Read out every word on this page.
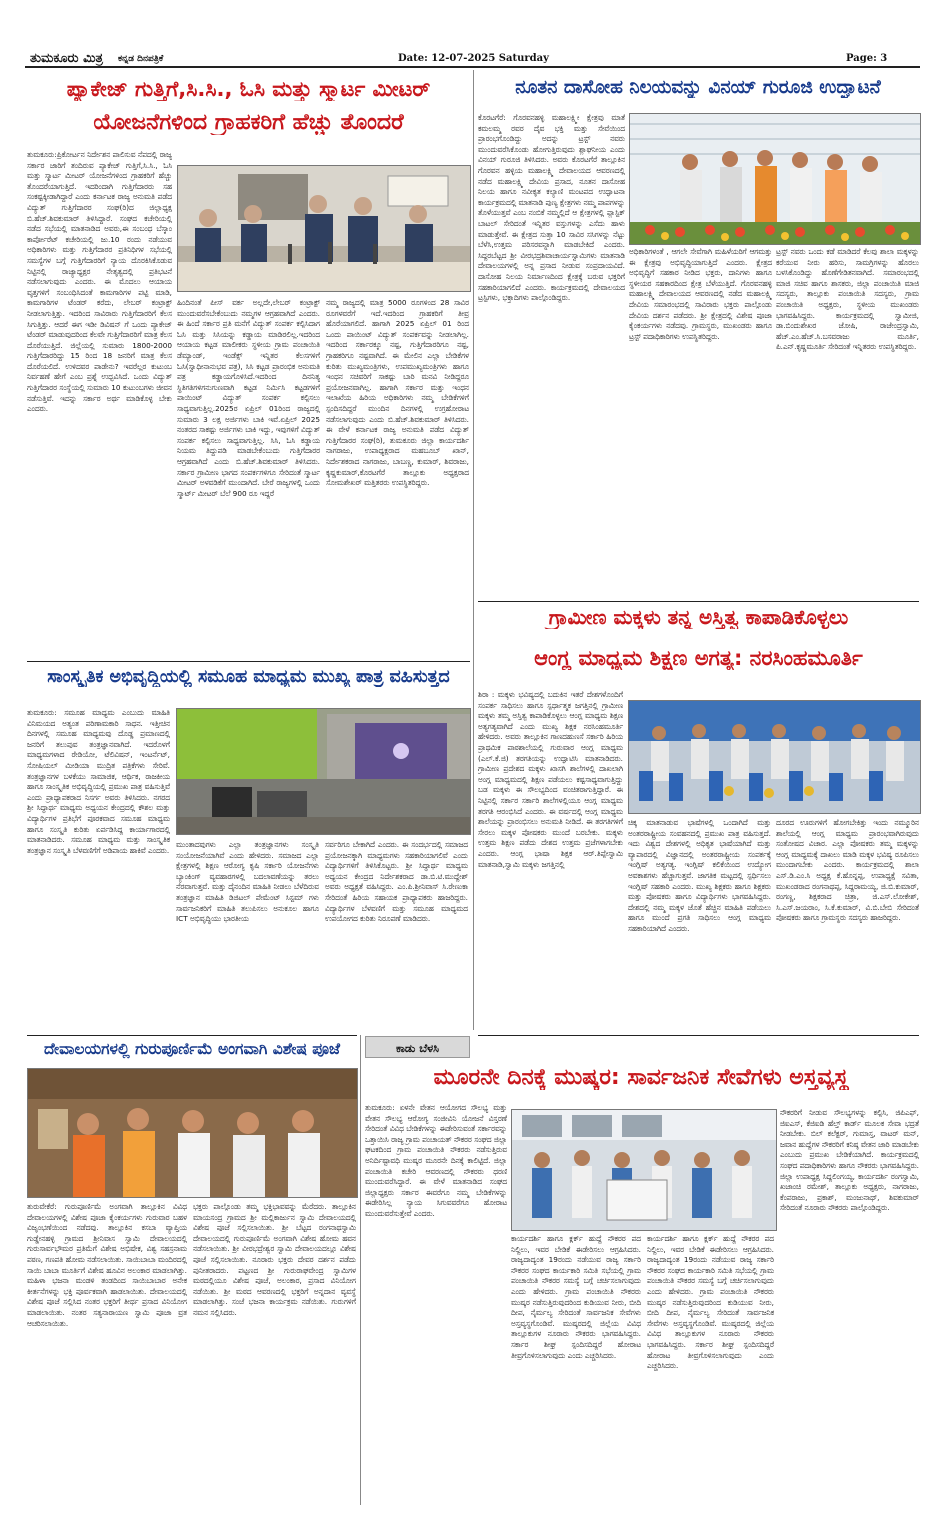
ತುಮಕೂರು ಮಿತ್ರ ಕನ್ನಡ ದಿನಪತ್ರಿಕೆ	Date: 12-07-2025 Saturday	Page: 3
ಪ್ಯಾಕೇಜ್ ಗುತ್ತಿಗೆ,ಸಿ.ಸಿ., ಓಸಿ ಮತ್ತು ಸ್ಮಾರ್ಟ ಮೀಟರ್
ಯೋಜನೆಗಳಿಂದ ಗ್ರಾಹಕರಿಗೆ ಹೆಚ್ಚು ತೊಂದರೆ
ತುಮಕೂರು:ಪ್ರಿಕೋರ್ಟನ ನಿರ್ದೇಶನ ಪಾಲಿಸುವ ನೆಪದಲ್ಲಿ ರಾಜ್ಯ ಸರ್ಕಾರ ಜಾರಿಗೆ ತಂದಿರುವ ಪ್ಯಾಕೇಜ್ ಗುತ್ತಿಗೆ,ಸಿ.ಸಿ., ಓಸಿ ಮತ್ತು ಸ್ಮಾರ್ಟ ಮೀಟರ್ ಯೋಜನೆಗಳಿಂದ ಗ್ರಾಹಕರಿಗೆ ಹೆಚ್ಚು ತೊಂದರೆಯಾಗುತ್ತಿದೆ. ಇದರಿಂದಾಗಿ ಗುತ್ತಿಗೆದಾರರು ಸಹ ಸಂಕಷ್ಟಕ್ಕೀಡಾಗಿದ್ದಾರೆ ಎಂದು ಕರ್ನಾಟಕ ರಾಜ್ಯ ಅನುಮತಿ ಪಡೆದ ವಿದ್ಯುತ್ ಗುತ್ತಿಗೆದಾರರ ಸಂಘ(ರಿ)ದ ಜಿಲ್ಲಾಧ್ಯಕ್ಷ ಬಿ.ಹೆಚ್.ಶಿವಕುಮಾರ್ ತಿಳಿಸಿದ್ದಾರೆ. ಸಂಘದ ಕಚೇರಿಯಲ್ಲಿ ನಡೆದ ಸಭೆಯಲ್ಲಿ ಮಾತನಾಡಿದ ಅವರು,ಈ ಸಂಬಂಧ ಬೆಸ್ಕಾಂ ಕಾರ್ಪೋರೆಟ್ ಕಚೇರಿಯಲ್ಲಿ ಜು.10 ರಂದು ನಡೆಯುವ ಅಧಿಕಾರಿಗಳು ಮತ್ತು ಗುತ್ತಿಗೆದಾರರ ಪ್ರತಿನಿಧಿಗಳ ಸಭೆಯಲ್ಲಿ ಸಮಸ್ಯೆಗಳ ಬಗ್ಗೆ ಗುತ್ತಿಗೆದಾರರಿಗೆ ನ್ಯಾಯ ದೊರಕಿಸಿಕೊಡುವ ನಿಟ್ಟಿನಲ್ಲಿ ರಾಜ್ಯಾಧ್ಯಕ್ಷರ ನೇತೃತ್ವದಲ್ಲಿ ಪ್ರತಿಭಟನೆ ನಡೆಸಲಾಗುವುದು ಎಂದರು. ಈ ಮೊದಲು ಆಯಾಯ ವೃತ್ತಗಳಿಗೆ ಸಂಬಂಧಿಸಿದಂತೆ ಕಾಮಗಾರಿಗಳ ಪಟ್ಟಿ ಮಾಡಿ, ಕಾಮಗಾರಿಗಳ ಟೆಂಡರ್ ಕರೆದು, ಲೇಬರ್ ಕಂಟ್ರಾಕ್ಟ್ ನೀಡಲಾಗುತ್ತಿತ್ತು. ಇದರಿಂದ ಸಾವಿರಾರು ಗುತ್ತಿಗೆದಾರರಿಗೆ ಕೆಲಸ ಸಿಗುತ್ತಿತ್ತು. ಆದರೆ ಈಗ ಇಡೀ ಡಿವಿಷನ್ ಗೆ ಒಂದು ಪ್ಯಾಕೇಜ್ ಟೆಂಡರ್ ಮಾಡುವುದರಿಂದ ಕೆಲವೇ ಗುತ್ತಿಗೆದಾರರಿಗೆ ಮಾತ್ರ ಕೆಲಸ ದೊರೆಯುತ್ತಿದೆ. ಜಿಲ್ಲೆಯಲ್ಲಿ ಸುಮಾರು 1800-2000 ಗುತ್ತಿಗೆದಾರರಿದ್ದು 15 ರಿಂದ 18 ಜನರಿಗೆ ಮಾತ್ರ ಕೆಲಸ ದೊರೆಯಲಿದೆ. ಉಳಿದವರ ಪಾಡೇನು? ಇವರೆಲ್ಲರ ಕುಟುಂಬ ನಿರ್ವಹಣೆ ಹೇಗೆ ಎಂಬ ಪ್ರಶ್ನೆ ಉದ್ಭವಿಸಿದೆ. ಒಂದು ವಿದ್ಯುತ್ ಗುತ್ತಿಗೆದಾರರ ಸಂಸ್ಥೆಯಲ್ಲಿ ಸುಮಾರು 10 ಕುಟುಂಬಗಳು ಜೀವನ ನಡೆಸುತ್ತಿವೆ. ಇದನ್ನು ಸರ್ಕಾರ ಅರ್ಥ ಮಾಡಿಕೊಳ್ಳ ಬೇಕು ಎಂದರು.
ಹಿಂದಿನಂತೆ ಪೀಸ್ ವರ್ಕ ಅಲ್ಲದೇ,ಲೇಬರ್ ಕಂಟ್ರಾಕ್ಟ್ ಮುಂದುವರೆಸಬೇಕೆಂಬುದು ನಮ್ಮಗಳ ಆಗ್ರಹವಾಗಿದೆ ಎಂದರು. ಈ ಹಿಂದೆ ಸರ್ಕಾರ ಪ್ರತಿ ಮನೆಗೆ ವಿದ್ಯುತ್ ಸಂಪರ್ಕ ಕಲ್ಪಿಸಿದಾಗ ಓಸಿ ಮತ್ತು ಸಿಸಿಯನ್ನು ಕಡ್ಡಾಯ ಮಾಡಿರಲಿಲ್ಲ.ಇದರಿಂದ ಆಯಾಯ ಕಟ್ಟಡ ಮಾಲೀಕರು ಸ್ಥಳೀಯ ಗ್ರಾಮ ಪಂಚಾಯಿತಿ ಡೆಮ್ಯಾಂಡ್, ಇಂಡೆಕ್ಸ್ ಇನ್ನಿತರ ಕೆಲಸಗಳಿಗೆ ಓಸಿ(ಸ್ವಾಧೀನಾನುಭವ ಪತ್ರ), ಸಿಸಿ ಕಟ್ಟಡ ಪ್ರಾರಂಭಿಕ ಅನುಮತಿ ಪತ್ರ ಕಡ್ಡಾಯಗೊಳಿಸಿದೆ.ಇದರಿಂದ ದಿನನಿತ್ಯ ಸ್ಥಿತಿಗತಿಗಳಿಗನುಗುಣವಾಗಿ ಕಟ್ಟಡ ನಿರ್ಮಿಸಿ ಕಟ್ಟಡಗಳಿಗೆ ಪಾಯಿಂಟ್ ವಿದ್ಯುತ್ ಸಂಪರ್ಕ ಕಲ್ಪಿಸಲು ಸಾಧ್ಯವಾಗುತ್ತಿಲ್ಲ.2025ರ ಏಪ್ರಿಲ್ 01ರಿಂದ ರಾಜ್ಯದಲ್ಲಿ ಸುಮಾರು 3 ಲಕ್ಷ ಅರ್ಜಿಗಳು ಬಾಕಿ ಇವೆ.ಏಪ್ರಿಲ್ 2025 ನಂತರದ ಸಾಕಷ್ಟು ಅರ್ಜಿಗಳು ಬಾಕಿ ಇದ್ದು, ಇವುಗಳಿಗೆ ವಿದ್ಯುತ್ ಸಂಪರ್ಕ ಕಲ್ಪಿಸಲು ಸಾಧ್ಯವಾಗುತ್ತಿಲ್ಲ. ಸಿಸಿ, ಓಸಿ ಕಡ್ಡಾಯ ನಿಯಮ ತಿದ್ದುಪಡಿ ಮಾಡಬೇಕೆಂಬುದು ಗುತ್ತಿಗೆದಾರರ ಆಗ್ರಹವಾಗಿದೆ ಎಂದು ಬಿ.ಹೆಚ್.ಶಿವಕುಮಾರ್ ತಿಳಿಸಿದರು. ಸರ್ಕಾರ ಗ್ರಾಮೀಣ ಭಾಗದ ಸಂಪರ್ಕಗಳಿಗೂ ಸೇರಿದಂತೆ ಸ್ಮಾರ್ಟ ಮೀಟರ್ ಅಳವಡಿಕೆಗೆ ಮುಂದಾಗಿದೆ. ಬೇರೆ ರಾಜ್ಯಗಳಲ್ಲಿ ಒಂದು ಸ್ಮಾರ್ಟ್ ಮೀಟರ್ ಬೆಲೆ 900 ರೂ ಇದ್ದರೆ
ನಮ್ಮ ರಾಜ್ಯದಲ್ಲಿ ಮಾತ್ರ 5000 ರೂಗಳಿಂದ 28 ಸಾವಿರ ರೂಗಳವರೆಗೆ ಇದೆ.ಇದರಿಂದ ಗ್ರಾಹಕರಿಗೆ ತೀವ್ರ ಹೊರೆಯಾಗಲಿದೆ. ಹಾಗಾಗಿ 2025 ಏಪ್ರಿಲ್ 01 ರಿಂದ ಒಂದು ಪಾಯಿಂಟ್ ವಿದ್ಯುತ್ ಸಂಪರ್ಕವನ್ನು ನೀಡಲಾಗಿಲ್ಲ. ಇದರಿಂದ ಸರ್ಕಾರಕ್ಕೂ ನಷ್ಟ, ಗುತ್ತಿಗೆದಾರರಿಗೂ ನಷ್ಟ, ಗ್ರಾಹಕರಿಗೂ ನಷ್ಟವಾಗಿದೆ. ಈ ಮೇಲಿನ ಎಲ್ಲಾ ಬೇಡಿಕೆಗಳ ಕುರಿತು ಮುಖ್ಯಮಂತ್ರಿಗಳು, ಉಪಮುಖ್ಯಮಂತ್ರಿಗಳು ಹಾಗೂ ಇಂಧನ ಸಚಿವರಿಗೆ ಸಾಕಷ್ಟು ಬಾರಿ ಮನವಿ ನೀಡಿದ್ದರೂ ಪ್ರಯೋಜನವಾಗಿಲ್ಲ. ಹಾಗಾಗಿ ಸರ್ಕಾರ ಮತ್ತು ಇಂಧನ ಇಲಾಖೆಯ ಹಿರಿಯ ಅಧಿಕಾರಿಗಳು ನಮ್ಮ ಬೇಡಿಕೆಗಳಿಗೆ ಸ್ಪಂದಿಸದಿದ್ದರೆ ಮುಂದಿನ ದಿನಗಳಲ್ಲಿ ಉಗ್ರಹೋರಾಟ ನಡೆಸಲಾಗುವುದು ಎಂದು ಬಿ.ಹೆಚ್.ಶಿವಕುಮಾರ್ ತಿಳಿಸಿದರು. ಈ ವೇಳೆ ಕರ್ನಾಟಕ ರಾಜ್ಯ ಅನುಮತಿ ಪಡೆದ ವಿದ್ಯುತ್ ಗುತ್ತಿಗೆದಾರರ ಸಂಘ(ರಿ), ತುಮಕೂರು ಜಿಲ್ಲಾ ಕಾರ್ಯದರ್ಶಿ ನಾಗರಾಜು, ಉಪಾಧ್ಯಕ್ಷರಾದ ಮಹಬೂಬ್ ಖಾನ್, ನಿರ್ದೇಶಕರಾದ ನಾಗರಾಜು, ಬಾಬಣ್ಣ, ಕುಮಾರ್, ಶಿವರಾಜು, ಕೃಷ್ಣಕುಮಾರ್,ಕೊರಟಗೆರೆ ತಾಲ್ಲೂಕು ಅಧ್ಯಕ್ಷರಾದ ಸೋಮಶೇಖರ್ ಮತ್ತಿತರರು ಉಪಸ್ಥಿತರಿದ್ದರು.
ನೂತನ ದಾಸೋಹ ನಿಲಯವನ್ನು ವಿನಯ್ ಗುರೂಜಿ ಉದ್ಘಾಟನೆ
ಕೊರಟಗೆರೆ: ಗೊರವನಹಳ್ಳಿ ಮಹಾಲಕ್ಷ್ಮೀ ಕ್ಷೇತ್ರವು ಮಾತೆ ಕಮಲಮ್ಮ ರವರ ದೈವ ಭಕ್ತಿ ಮತ್ತು ಸೇವೆಯಿಂದ ಪ್ರಾರಂಭಗೊಂಡಿದ್ದು ಅದನ್ನು ಟ್ರಸ್ಟ್ ನವರು ಮುಂದುವರೆಸಿಕೊಂಡು ಹೋಗುತ್ತಿರುವುದು ಶ್ಲಾಘನೀಯ ಎಂದು ವಿನಯ್ ಗುರೂಜಿ ತಿಳಿಸಿದರು. ಅವರು ಕೊರಟಗೆರೆ ತಾಲ್ಲೂಕಿನ ಗೊರವನ ಹಳ್ಳಿಯ ಮಹಾಲಕ್ಷ್ಮಿ ದೇವಾಲಯದ ಆವರಣದಲ್ಲಿ ನಡೆದ ಮಹಾಲಕ್ಷ್ಮಿ ದೇವಿಯ ಪ್ರಸಾದ, ನೂತನ ದಾಸೋಹ ನಿಲಯ ಹಾಗೂ ನವೀಕೃತ ಕಲ್ಯಾಣಿ ಮಂಟಪದ ಉದ್ಘಾಟನಾ ಕಾರ್ಯಕ್ರಮದಲ್ಲಿ ಮಾತನಾಡಿ ಪುಣ್ಯ ಕ್ಷೇತ್ರಗಳು ನಮ್ಮ ಪಾಪಗಳನ್ನು ತೊಳೆಯುತ್ತವೆ ಎಂಬ ನಂಬಿಕೆ ನಮ್ಮಲ್ಲಿದೆ ಆ ಕ್ಷೇತ್ರಗಳಲ್ಲಿ ಪ್ಲಾಸ್ಟಿಕ್ ಬಾಟಲ್ ಸೇರಿದಂತೆ ಇನ್ನಿತರ ವಸ್ತುಗಳನ್ನು ಎಸೆದು ಹಾಳು ಮಾಡುತ್ತೇವೆ. ಈ ಕ್ಷೇತ್ರದ ಸುತ್ತಾ 10 ಸಾವಿರ ಸಸಿಗಳನ್ನು ನೆಟ್ಟು ಬೆಳೆಸಿ,ಉತ್ತಮ ಪರಿಸರವನ್ನಾಗಿ ಮಾಡಬೇಕಿದೆ ಎಂದರು. ಸಿದ್ದರಬೆಟ್ಟದ ಶ್ರೀ ವೀರಭದ್ರಶಿವಾಚಾರ್ಯಸ್ವಾಮಿಗಳು ಮಾತನಾಡಿ ದೇವಾಲಯಗಳಲ್ಲಿ ಅನ್ನ ಪ್ರಸಾದ ನೀಡುವ ಸಂಪ್ರದಾಯವಿದೆ. ದಾಸೋಹ ನಿಲಯ ನಿರ್ಮಾಣದಿಂದ ಕ್ಷೇತ್ರಕ್ಕೆ ಬರುವ ಭಕ್ತರಿಗೆ ಸಹಕಾರಿಯಾಗಲಿದೆ ಎಂದರು. ಕಾರ್ಯಕ್ರಮದಲ್ಲಿ ದೇವಾಲಯದ ಟ್ರಸ್ಟಿಗಳು, ಭಕ್ತಾದಿಗಳು ಪಾಲ್ಗೊಂಡಿದ್ದರು.
ಅಧಿಕಾರಿಗಳಂತೆ , ಆಗಲೇ ಸೇವೆಗಾಗಿ ಮಹಿಳೆಯರಿಗೆ ಆಗಮತ್ತು ಈ ಕ್ಷೇತ್ರವು ಅಭಿವೃದ್ಧಿಯಾಗುತ್ತಿದೆ ಎಂದರು. ಕ್ಷೇತ್ರದ ಅಭಿವೃದ್ಧಿಗೆ ಸಹಕಾರ ನೀಡಿದ ಭಕ್ತರು, ದಾನಿಗಳು ಹಾಗೂ ಸ್ಥಳೀಯರ ಸಹಕಾರದಿಂದ ಕ್ಷೇತ್ರ ಬೆಳೆಯುತ್ತಿದೆ. ಗೊರವನಹಳ್ಳಿ ಮಹಾಲಕ್ಷ್ಮಿ ದೇವಾಲಯದ ಆವರಣದಲ್ಲಿ ನಡೆದ ಮಹಾಲಕ್ಷ್ಮಿ ದೇವಿಯ ಸಮಾರಂಭದಲ್ಲಿ ಸಾವಿರಾರು ಭಕ್ತರು ಪಾಲ್ಗೊಂಡು ದೇವಿಯ ದರ್ಶನ ಪಡೆದರು. ಶ್ರೀ ಕ್ಷೇತ್ರದಲ್ಲಿ ವಿಶೇಷ ಪೂಜಾ ಕೈಂಕರ್ಯಗಳು ನಡೆದವು. ಗ್ರಾಮಸ್ಥರು, ಮುಖಂಡರು ಹಾಗೂ ಟ್ರಸ್ಟ್ ಪದಾಧಿಕಾರಿಗಳು ಉಪಸ್ಥಿತರಿದ್ದರು.
ಟ್ರಸ್ಟ್ ನವರು ಒಂದು ಕಡೆ ಮಾಡಿದರೆ ಕೆಲವು ಶಾಲಾ ಮಕ್ಕಳನ್ನು ಕರೆಯುವ ನೀರು ಹರಿಸು, ಸಾಮಗ್ರಿಗಳನ್ನು ಹೊರಲು ಬಳಸಿಕೊಂಡಿದ್ದು ಹೊಣೆಗೇಡಿತನವಾಗಿದೆ. ಸಮಾರಂಭದಲ್ಲಿ ಮಾಜಿ ಸಚಿವ ಹಾಗೂ ಶಾಸಕರು, ಜಿಲ್ಲಾ ಪಂಚಾಯಿತಿ ಮಾಜಿ ಸದಸ್ಯರು, ತಾಲ್ಲೂಕು ಪಂಚಾಯಿತಿ ಸದಸ್ಯರು, ಗ್ರಾಮ ಪಂಚಾಯಿತಿ ಅಧ್ಯಕ್ಷರು, ಸ್ಥಳೀಯ ಮುಖಂಡರು ಭಾಗವಹಿಸಿದ್ದರು. ಕಾರ್ಯಕ್ರಮದಲ್ಲಿ ಸ್ವಾಮೀಜಿ, ಡಾ.ಬಿಂದುಶೇಖರ ಜೋಷಿ, ರಾಜೇಂದ್ರಸ್ವಾಮಿ, ಹೆಚ್.ಎಂ.ಹೆಚ್.ಸಿ.ಬಸವರಾಜು ಮೂರ್ತಿ, ಪಿ.ಎನ್.ಕೃಷ್ಣಮೂರ್ತಿ ಸೇರಿದಂತೆ ಇನ್ನಿತರರು ಉಪಸ್ಥಿತರಿದ್ದರು.
ಗ್ರಾಮೀಣ ಮಕ್ಕಳು ತನ್ನ ಅಸ್ತಿತ್ವ ಕಾಪಾಡಿಕೊಳ್ಳಲು
ಆಂಗ್ಲ ಮಾಧ್ಯಮ ಶಿಕ್ಷಣ ಅಗತ್ಯ: ನರಸಿಂಹಮೂರ್ತಿ
ಸಾಂಸ್ಕೃತಿಕ ಅಭಿವೃದ್ಧಿಯಲ್ಲಿ ಸಮೂಹ ಮಾಧ್ಯಮ ಮುಖ್ಯ ಪಾತ್ರ ವಹಿಸುತ್ತದ
ತುಮಕೂರು: ಸಮೂಹ ಮಾಧ್ಯಮ ಎಂಬುದು ಮಾಹಿತಿ ವಿನಿಮಯದ ಅತ್ಯಂತ ಪರಿಣಾಮಕಾರಿ ಸಾಧನ. ಇತ್ತೀಚಿನ ದಿನಗಳಲ್ಲಿ ಸಮೂಹ ಮಾಧ್ಯಮವು ದೊಡ್ಡ ಪ್ರಮಾಣದಲ್ಲಿ ಜನರಿಗೆ ತಲುಪುವ ತಂತ್ರಜ್ಞಾನವಾಗಿದೆ. ಇದರೊಳಗೆ ಮಾಧ್ಯಮಗಳಾದ ರೇಡಿಯೋ, ಟೆಲಿವಿಷನ್, ಇಂಟರ್ನೆಟ್, ಸೋಷಿಯಲ್ ಮೀಡಿಯಾ ಮುದ್ರಿತ ಪತ್ರಿಕೆಗಳು ಸೇರಿವೆ. ತಂತ್ರಜ್ಞಾನಗಳ ಬಳಕೆಯು ಸಾಮಾಜಿಕ, ಆರ್ಥಿಕ, ರಾಜಕೀಯ ಹಾಗೂ ಸಾಂಸ್ಕೃತಿಕ ಅಭಿವೃದ್ಧಿಯಲ್ಲಿ ಪ್ರಮುಖ ಪಾತ್ರ ವಹಿಸುತ್ತಿವೆ ಎಂದು ಪ್ರಾಧ್ಯಾಪಕರಾದ ನಿಸರ್ಗ ಅವರು ತಿಳಿಸಿದರು. ನಗರದ ಶ್ರೀ ಸಿದ್ಧಾರ್ಥ ಮಾಧ್ಯಮ ಅಧ್ಯಯನ ಕೇಂದ್ರದಲ್ಲಿ ಕೌಶಲ ಮತ್ತು ವಿದ್ಯಾರ್ಥಿಗಳ ಪ್ರತಿಭೆಗೆ ಪೂರಕವಾದ ಸಮೂಹ ಮಾಧ್ಯಮ ಹಾಗೂ ಸಂಸ್ಕೃತಿ ಕುರಿತು ಏರ್ಪಡಿಸಿದ್ದ ಕಾರ್ಯಾಗಾರದಲ್ಲಿ ಮಾತನಾಡಿದರು. ಸಮೂಹ ಮಾಧ್ಯಮ ಮತ್ತು ಸಾಂಸ್ಕೃತಿಕ ತಂತ್ರಜ್ಞಾನ ಸಂಸ್ಕೃತಿ ಬೆಳವಣಿಗೆಗೆ ಅಡಿಪಾಯ ಹಾಕಿವೆ ಎಂದರು.
ಮುಂತಾದವುಗಳು ಎಲ್ಲಾ ತಂತ್ರಜ್ಞಾನಗಳು ಸಂಸ್ಕೃತಿ ಸಂಯೋಜನೆಯಾಗಿವೆ ಎಂದು ಹೇಳಿದರು. ಸಮಾಜದ ಎಲ್ಲಾ ಕ್ಷೇತ್ರಗಳಲ್ಲಿ ಶಿಕ್ಷಣ ಆರೋಗ್ಯ ಕೃಷಿ ಸರ್ಕಾರಿ ಯೋಜನೆಗಳು ಬ್ಯಾಂಕಿಂಗ್ ವ್ಯವಹಾರಗಳಲ್ಲಿ ಬದಲಾವಣೆಯನ್ನು ತರಲು ನೆರವಾಗುತ್ತವೆ. ಮತ್ತು ದೈನಂದಿನ ಮಾಹಿತಿ ನೀಡಲು ಬೆಳೆದಿರುವ ತಂತ್ರಜ್ಞಾನ ಮಾಹಿತಿ ಡಿಜಿಟಲ್ ಪೇಮೆಂಟ್ ಸಿಸ್ಟಮ್ ಗಳು ಸಾರ್ವಜನಿಕರಿಗೆ ಮಾಹಿತಿ ತಲುಪಿಸಲು ಅನುಕೂಲ ಹಾಗೂ ICT ಅಭಿವೃದ್ಧಿಯು ಭಾರತೀಯ
ಸರ್ವರಿಗೂ ಬೇಕಾಗಿದೆ ಎಂದರು. ಈ ಸಂದರ್ಭದಲ್ಲಿ ಸಮಾಜದ ಪ್ರಯೋಜನಕ್ಕಾಗಿ ಮಾಧ್ಯಮಗಳು ಸಹಕಾರಿಯಾಗಲಿವೆ ಎಂದು ವಿದ್ಯಾರ್ಥಿಗಳಿಗೆ ತಿಳಿಸಿಕೊಟ್ಟರು. ಶ್ರೀ ಸಿದ್ಧಾರ್ಥ ಮಾಧ್ಯಮ ಅಧ್ಯಯನ ಕೇಂದ್ರದ ನಿರ್ದೇಶಕರಾದ ಡಾ.ಬಿ.ಟಿ.ಮುದ್ದೇಶ್ ಅವರು ಅಧ್ಯಕ್ಷತೆ ವಹಿಸಿದ್ದರು. ಎಂ.ಪಿ.ಶ್ರೀನಿವಾಸ್ ಸಿ.ರೇಣುಕಾ ಸೇರಿದಂತೆ ಹಿರಿಯ ಸಹಾಯಕ ಪ್ರಾಧ್ಯಾಪಕರು ಹಾಜರಿದ್ದರು. ವಿದ್ಯಾರ್ಥಿಗಳ ಬೆಳವಣಿಗೆ ಮತ್ತು ಸಮೂಹ ಮಾಧ್ಯಮದ ಉಪಯೋಗದ ಕುರಿತು ನಿರೂಪಣೆ ಮಾಡಿದರು.
ಶಿರಾ : ಮಕ್ಕಳು ಭವಿಷ್ಯದಲ್ಲಿ ಬದುಕಿನ ಇತರೆ ದೇಶಗಳೊಂದಿಗೆ ಸಂಪರ್ಕ ಸಾಧಿಸಲು ಹಾಗೂ ಸ್ಪರ್ಧಾತ್ಮಕ ಜಗತ್ತಿನಲ್ಲಿ ಗ್ರಾಮೀಣ ಮಕ್ಕಳು ತಮ್ಮ ಅಸ್ತಿತ್ವ ಕಾಪಾಡಿಕೊಳ್ಳಲು ಆಂಗ್ಲ ಮಾಧ್ಯಮ ಶಿಕ್ಷಣ ಅತ್ಯಗತ್ಯವಾಗಿದೆ ಎಂದು ಮುಖ್ಯ ಶಿಕ್ಷಕ ನರಸಿಂಹಮೂರ್ತಿ ಹೇಳಿದರು. ಅವರು ತಾಲ್ಲೂಕಿನ ಗಾಣದಹುಣಸೆ ಸರ್ಕಾರಿ ಹಿರಿಯ ಪ್ರಾಥಮಿಕ ಪಾಠಶಾಲೆಯಲ್ಲಿ ಗುರುವಾರ ಆಂಗ್ಲ ಮಾಧ್ಯಮ (ಎಲ್.ಕೆ.ಜಿ) ತರಗತಿಯನ್ನು ಉದ್ಘಾಟಿಸಿ ಮಾತನಾಡಿದರು. ಗ್ರಾಮೀಣ ಪ್ರದೇಶದ ಮಕ್ಕಳು ಖಾಸಗಿ ಶಾಲೆಗಳಲ್ಲಿ ದಾಖಲಾಗಿ ಅಂಗ್ಲ ಮಾಧ್ಯಮದಲ್ಲಿ ಶಿಕ್ಷಣ ಪಡೆಯಲು ಕಷ್ಟಸಾಧ್ಯವಾಗುತ್ತಿದ್ದು ಬಡ ಮಕ್ಕಳು ಈ ಸೌಲಭ್ಯದಿಂದ ವಂಚಿತರಾಗುತ್ತಿದ್ದಾರೆ. ಈ ನಿಟ್ಟಿನಲ್ಲಿ ಸರ್ಕಾರ ಸರ್ಕಾರಿ ಶಾಲೆಗಳಲ್ಲಿಯೂ ಆಂಗ್ಲ ಮಾಧ್ಯಮ ತರಗತಿ ಆರಂಭಿಸಿದೆ ಎಂದರು. ಈ ವರ್ಷದಲ್ಲಿ ಆಂಗ್ಲ ಮಾಧ್ಯಮ ಶಾಲೆಯನ್ನು ಪ್ರಾರಂಭಿಸಲು ಅನುಮತಿ ನೀಡಿದೆ. ಈ ತರಗತಿಗಳಿಗೆ ಸೇರಲು ಮಕ್ಕಳ ಪೋಷಕರು ಮುಂದೆ ಬರಬೇಕು. ಮಕ್ಕಳು ಉತ್ತಮ ಶಿಕ್ಷಣ ಪಡೆದು ದೇಶದ ಉತ್ತಮ ಪ್ರಜೆಗಳಾಗಬೇಕು ಎಂದರು. ಆಂಗ್ಲ ಭಾಷಾ ಶಿಕ್ಷಕ ಆರ್.ತಿಪ್ಪೇಸ್ವಾಮಿ ಮಾತನಾಡಿ,ಸ್ವಾಮಿ ಮಕ್ಕಳು ಜಗತ್ತಿನಲ್ಲಿ
ಚಿಕ್ಕ ಮಾತನಾಡುವ ಭಾಷೆಗಳಲ್ಲಿ ಒಂದಾಗಿದೆ ಮತ್ತು ಅಂತರರಾಷ್ಟ್ರೀಯ ಸಂವಹನದಲ್ಲಿ ಪ್ರಮುಖ ಪಾತ್ರ ವಹಿಸುತ್ತದೆ. ಇದು ವಿಶ್ವದ ದೇಶಗಳಲ್ಲಿ ಅಧಿಕೃತ ಭಾಷೆಯಾಗಿದೆ ಮತ್ತು ವ್ಯಾಪಾರದಲ್ಲಿ ವಿಜ್ಞಾನದಲ್ಲಿ ಅಂತರರಾಷ್ಟ್ರೀಯ ಸಂಪರ್ಕಕ್ಕೆ ಇಂಗ್ಲಿಷ್ ಅತ್ಯಗತ್ಯ. ಇಂಗ್ಲಿಷ್ ಕಲಿಕೆಯಿಂದ ಉದ್ಯೋಗ ಅವಕಾಶಗಳು ಹೆಚ್ಚಾಗುತ್ತವೆ. ಜಾಗತಿಕ ಮಟ್ಟದಲ್ಲಿ ಸ್ಪರ್ಧಿಸಲು ಇಂಗ್ಲಿಷ್ ಸಹಕಾರಿ ಎಂದರು. ಮುಖ್ಯ ಶಿಕ್ಷಕರು ಹಾಗೂ ಶಿಕ್ಷಕರು ಮತ್ತು ಪೋಷಕರು ಹಾಗೂ ವಿದ್ಯಾರ್ಥಿಗಳು ಭಾಗವಹಿಸಿದ್ದರು. ದೇಶದಲ್ಲಿ ನಮ್ಮ ಮಕ್ಕಳ ಜೊತೆ ಹೆಚ್ಚಿನ ಮಾಹಿತಿ ಪಡೆಯಲು ಹಾಗೂ ಮುಂದೆ ಪ್ರಗತಿ ಸಾಧಿಸಲು ಆಂಗ್ಲ ಮಾಧ್ಯಮ ಸಹಕಾರಿಯಾಗಿದೆ ಎಂದರು.
ದೂರದ ಊರುಗಳಿಗೆ ಹೋಗಬೇಕಿತ್ತು ಇಂದು ನಮ್ಮೂರಿನ ಶಾಲೆಯಲ್ಲಿ ಆಂಗ್ಲ ಮಾಧ್ಯಮ ಪ್ರಾರಂಭವಾಗಿರುವುದು ಸಂತೋಷದ ವಿಚಾರ. ಎಲ್ಲಾ ಪೋಷಕರು ತಮ್ಮ ಮಕ್ಕಳನ್ನು ಆಂಗ್ಲ ಮಾಧ್ಯಮಕ್ಕೆ ದಾಖಲು ಮಾಡಿ ಮಕ್ಕಳ ಭವಿಷ್ಯ ರೂಪಿಸಲು ಮುಂದಾಗಬೇಕು ಎಂದರು. ಕಾರ್ಯಕ್ರಮದಲ್ಲಿ ಶಾಲಾ ಎಸ್.ಡಿ.ಎಂ.ಸಿ ಅಧ್ಯಕ್ಷ ಕೆ.ಹೊನ್ನಪ್ಪ, ಉಪಾಧ್ಯಕ್ಷೆ ಸವಿತಾ, ಮುಖಂಡರಾದ ರಂಗನಾಥಪ್ಪ, ಸಿದ್ದರಾಮಯ್ಯ, ಜಿ.ಬಿ.ಕುಮಾರ್, ರಂಗಣ್ಣ, ಶಿಕ್ಷಕರಾದ ಚಿತ್ರಾ, ಜಿ.ಎಸ್.ಲೋಕೇಶ್, ಸಿ.ಎಸ್.ಜಯರಾಂ, ಸಿ.ಕೆ.ಕುಮಾರ್, ವಿ.ಬಿ.ಬೇಬಿ ಸೇರಿದಂತೆ ಪೋಷಕರು ಹಾಗೂ ಗ್ರಾಮಸ್ಥರು ಸದಸ್ಯರು ಹಾಜರಿದ್ದರು.
ದೇವಾಲಯಗಳಲ್ಲಿ ಗುರುಪೂರ್ಣಿಮೆ ಅಂಗವಾಗಿ ವಿಶೇಷ ಪೂಜೆ
ತುರುವೇಕೆರೆ: ಗುರುಪೂರ್ಣಿಮೆ ಅಂಗವಾಗಿ ತಾಲ್ಲೂಕಿನ ವಿವಿಧ ದೇವಾಲಯಗಳಲ್ಲಿ ವಿಶೇಷ ಪೂಜಾ ಕೈಂಕರ್ಯಗಳು ಗುರುವಾರ ಬಹಳ ವಿಜೃಂಭಣೆಯಿಂದ ನಡೆದವು. ತಾಲ್ಲೂಕಿನ ಕಸಬಾ ವ್ಯಾಪ್ತಿಯ ಗುಡ್ಡೇನಹಳ್ಳಿ ಗ್ರಾಮದ ಶ್ರೀನಿವಾಸ ಸ್ವಾಮಿ ದೇವಾಲಯದಲ್ಲಿ ಗುರುಸಾರ್ವಭೌಮರ ಪ್ರತಿಮೆಗೆ ವಿಶೇಷ ಅಭಿಷೇಕ, ವಿಶ್ವ ಸಹಸ್ರನಾಮ ಪಠಣ, ಗಣಪತಿ ಹೋಮ ನಡೆಸಲಾಯಿತು. ಸಾಯಿಬಾಬಾ ಮಂದಿರದಲ್ಲಿ ಸಾಯಿ ಬಾಬಾ ಮೂರ್ತಿಗೆ ವಿಶೇಷ ಹೂವಿನ ಅಲಂಕಾರ ಮಾಡಲಾಗಿತ್ತು. ಮಹಿಳಾ ಭಜನಾ ಮಂಡಳಿ ತಂಡದಿಂದ ಸಾಯಿಬಾಬಾರ ಅನೇಕ ಕೀರ್ತನೆಗಳನ್ನು ಭಕ್ತಿ ಪೂರ್ವಕವಾಗಿ ಹಾಡಲಾಯಿತು. ದೇವಾಲಯದಲ್ಲಿ ವಿಶೇಷ ಪೂಜೆ ಸಲ್ಲಿಸಿದ ನಂತರ ಭಕ್ತರಿಗೆ ತೀರ್ಥ ಪ್ರಸಾದ ವಿನಿಯೋಗ ಮಾಡಲಾಯಿತು. ನಂತರ ಸತ್ಯನಾರಾಯಣ ಸ್ವಾಮಿ ಪೂಜಾ ವ್ರತ ಆಚರಿಸಲಾಯಿತು.
ಭಕ್ತರು ಪಾಲ್ಗೊಂಡು ತಮ್ಮ ಭಕ್ತಿಭಾವವನ್ನು ಮೆರೆದರು. ತಾಲ್ಲೂಕಿನ ಮಾಯಸಂದ್ರ ಗ್ರಾಮದ ಶ್ರೀ ಮಲ್ಲಿಕಾರ್ಜುನ ಸ್ವಾಮಿ ದೇವಾಲಯದಲ್ಲಿ ವಿಶೇಷ ಪೂಜೆ ಸಲ್ಲಿಸಲಾಯಿತು. ಶ್ರೀ ಬೆಟ್ಟದ ರಂಗನಾಥಸ್ವಾಮಿ ದೇವಾಲಯದಲ್ಲಿ ಗುರುಪೂರ್ಣಿಮೆ ಅಂಗವಾಗಿ ವಿಶೇಷ ಹೋಮ ಹವನ ನಡೆಸಲಾಯಿತು. ಶ್ರೀ ವೀರಭದ್ರೇಶ್ವರ ಸ್ವಾಮಿ ದೇವಾಲಯದಲ್ಲೂ ವಿಶೇಷ ಪೂಜೆ ಸಲ್ಲಿಸಲಾಯಿತು. ನೂರಾರು ಭಕ್ತರು ದೇವರ ದರ್ಶನ ಪಡೆದು ಪುನೀತರಾದರು. ಪಟ್ಟಣದ ಶ್ರೀ ಗುರುರಾಘವೇಂದ್ರ ಸ್ವಾಮಿಗಳ ಮಠದಲ್ಲಿಯೂ ವಿಶೇಷ ಪೂಜೆ, ಅಲಂಕಾರ, ಪ್ರಸಾದ ವಿನಿಯೋಗ ನಡೆಯಿತು. ಶ್ರೀ ಮಠದ ಆವರಣದಲ್ಲಿ ಭಕ್ತರಿಗೆ ಅನ್ನದಾನ ವ್ಯವಸ್ಥೆ ಮಾಡಲಾಗಿತ್ತು. ಸಂಜೆ ಭಜನಾ ಕಾರ್ಯಕ್ರಮ ನಡೆಯಿತು. ಗುರುಗಳಿಗೆ ನಮನ ಸಲ್ಲಿಸಿದರು.
ಕಾಡು ಬೆಳಸಿ
ಮೂರನೇ ದಿನಕ್ಕೆ ಮುಷ್ಕರ: ಸಾರ್ವಜನಿಕ ಸೇವೆಗಳು ಅಸ್ತವ್ಯಸ್ಥ
ತುಮಕೂರು: ಏಳನೇ ವೇತನ ಆಯೋಗದ ಸೌಲಭ್ಯ ಮತ್ತು ವೇತನ ಸೌಲಭ್ಯ ಆರೋಗ್ಯ ಸಂಜೀವಿನಿ ಯೋಜನೆ ವಿಸ್ತರಣೆ ಸೇರಿದಂತೆ ವಿವಿಧ ಬೇಡಿಕೆಗಳನ್ನು ಈಡೇರಿಸುವಂತೆ ಸರ್ಕಾರವನ್ನು ಒತ್ತಾಯಿಸಿ ರಾಜ್ಯ ಗ್ರಾಮ ಪಂಚಾಯತ್ ನೌಕರರ ಸಂಘದ ಜಿಲ್ಲಾ ಘಟಕದಿಂದ ಗ್ರಾಮ ಪಂಚಾಯಿತಿ ನೌಕರರು ನಡೆಸುತ್ತಿರುವ ಅನಿರ್ದಿಷ್ಟಾವಧಿ ಮುಷ್ಕರ ಮೂರನೇ ದಿನಕ್ಕೆ ಕಾಲಿಟ್ಟಿದೆ. ಜಿಲ್ಲಾ ಪಂಚಾಯಿತಿ ಕಚೇರಿ ಆವರಣದಲ್ಲಿ ನೌಕರರು ಧರಣಿ ಮುಂದುವರೆಸಿದ್ದಾರೆ. ಈ ವೇಳೆ ಮಾತನಾಡಿದ ಸಂಘದ ಜಿಲ್ಲಾಧ್ಯಕ್ಷರು ಸರ್ಕಾರ ಈವರೆಗೂ ನಮ್ಮ ಬೇಡಿಕೆಗಳನ್ನು ಈಡೇರಿಸಿಲ್ಲ ನ್ಯಾಯ ಸಿಗುವವರೆಗೂ ಹೋರಾಟ ಮುಂದುವರೆಸುತ್ತೇವೆ ಎಂದರು.
ಕಾರ್ಯದರ್ಶಿ ಹಾಗೂ ಕ್ಲರ್ಕ್ ಹುದ್ದೆ ನೌಕರರ ಪದ ನಿಲ್ದಿಲು, ಇವರ ಬೇಡಿಕೆ ಈಡೇರಿಸಲು ಆಗ್ರಹಿಸಿದರು. ರಾಜ್ಯದಾದ್ಯಂತ 19ರಂದು ನಡೆಯುವ ರಾಜ್ಯ ಸರ್ಕಾರಿ ನೌಕರರ ಸಂಘದ ಕಾರ್ಯಕಾರಿ ಸಮಿತಿ ಸಭೆಯಲ್ಲಿ ಗ್ರಾಮ ಪಂಚಾಯಿತಿ ನೌಕರರ ಸಮಸ್ಯೆ ಬಗ್ಗೆ ಚರ್ಚಿಸಲಾಗುವುದು ಎಂದು ಹೇಳಿದರು. ಗ್ರಾಮ ಪಂಚಾಯಿತಿ ನೌಕರರು ಮುಷ್ಕರ ನಡೆಸುತ್ತಿರುವುದರಿಂದ ಕುಡಿಯುವ ನೀರು, ಬೀದಿ ದೀಪ, ನೈರ್ಮಲ್ಯ ಸೇರಿದಂತೆ ಸಾರ್ವಜನಿಕ ಸೇವೆಗಳು ಅಸ್ತವ್ಯಸ್ಥಗೊಂಡಿವೆ. ಮುಷ್ಕರದಲ್ಲಿ ಜಿಲ್ಲೆಯ ವಿವಿಧ ತಾಲ್ಲೂಕುಗಳ ನೂರಾರು ನೌಕರರು ಭಾಗವಹಿಸಿದ್ದರು. ಸರ್ಕಾರ ಶೀಘ್ರ ಸ್ಪಂದಿಸದಿದ್ದರೆ ಹೋರಾಟ ತೀವ್ರಗೊಳಿಸಲಾಗುವುದು ಎಂದು ಎಚ್ಚರಿಸಿದರು.
ಕಾರ್ಯದರ್ಶಿ ಹಾಗೂ ಕ್ಲರ್ಕ್ ಹುದ್ದೆ ನೌಕರರ ಪದ ನಿಲ್ದಿಲು, ಇವರ ಬೇಡಿಕೆ ಈಡೇರಿಸಲು ಆಗ್ರಹಿಸಿದರು. ರಾಜ್ಯದಾದ್ಯಂತ 19ರಂದು ನಡೆಯುವ ರಾಜ್ಯ ಸರ್ಕಾರಿ ನೌಕರರ ಸಂಘದ ಕಾರ್ಯಕಾರಿ ಸಮಿತಿ ಸಭೆಯಲ್ಲಿ ಗ್ರಾಮ ಪಂಚಾಯಿತಿ ನೌಕರರ ಸಮಸ್ಯೆ ಬಗ್ಗೆ ಚರ್ಚಿಸಲಾಗುವುದು ಎಂದು ಹೇಳಿದರು. ಗ್ರಾಮ ಪಂಚಾಯಿತಿ ನೌಕರರು ಮುಷ್ಕರ ನಡೆಸುತ್ತಿರುವುದರಿಂದ ಕುಡಿಯುವ ನೀರು, ಬೀದಿ ದೀಪ, ನೈರ್ಮಲ್ಯ ಸೇರಿದಂತೆ ಸಾರ್ವಜನಿಕ ಸೇವೆಗಳು ಅಸ್ತವ್ಯಸ್ಥಗೊಂಡಿವೆ. ಮುಷ್ಕರದಲ್ಲಿ ಜಿಲ್ಲೆಯ ವಿವಿಧ ತಾಲ್ಲೂಕುಗಳ ನೂರಾರು ನೌಕರರು ಭಾಗವಹಿಸಿದ್ದರು. ಸರ್ಕಾರ ಶೀಘ್ರ ಸ್ಪಂದಿಸದಿದ್ದರೆ ಹೋರಾಟ ತೀವ್ರಗೊಳಿಸಲಾಗುವುದು ಎಂದು ಎಚ್ಚರಿಸಿದರು.
ನೌಕರರಿಗೆ ನೀಡುವ ಸೌಲಭ್ಯಗಳನ್ನು ಕಲ್ಪಿಸಿ, ಜಿಪಿಎಫ್, ಜಿಐಎಸ್, ಕೆಜಿಐಡಿ ಹೆಲ್ತ್ ಕಾರ್ಡ್ ಮೂಲಕ ಸೇವಾ ಭದ್ರತೆ ನೀಡಬೇಕು. ಬಿಲ್ ಕಲೆಕ್ಟರ್, ಗುಮಾಸ್ತ, ವಾಟರ್ ಮನ್, ಜವಾನ ಹುದ್ದೆಗಳ ನೌಕರರಿಗೆ ಕನಿಷ್ಠ ವೇತನ ಜಾರಿ ಮಾಡಬೇಕು ಎಂಬುದು ಪ್ರಮುಖ ಬೇಡಿಕೆಯಾಗಿದೆ. ಕಾರ್ಯಕ್ರಮದಲ್ಲಿ ಸಂಘದ ಪದಾಧಿಕಾರಿಗಳು ಹಾಗೂ ನೌಕರರು ಭಾಗವಹಿಸಿದ್ದರು. ಜಿಲ್ಲಾ ಉಪಾಧ್ಯಕ್ಷ ಸಿದ್ದಲಿಂಗಯ್ಯ, ಕಾರ್ಯದರ್ಶಿ ರಂಗಸ್ವಾಮಿ, ಖಜಾಂಚಿ ರಮೇಶ್, ತಾಲ್ಲೂಕು ಅಧ್ಯಕ್ಷರು, ನಾಗರಾಜು, ಕೆಂಪರಾಜು, ಪ್ರಕಾಶ್, ಮಂಜುನಾಥ್, ಶಿವಕುಮಾರ್ ಸೇರಿದಂತೆ ನೂರಾರು ನೌಕರರು ಪಾಲ್ಗೊಂಡಿದ್ದರು.
